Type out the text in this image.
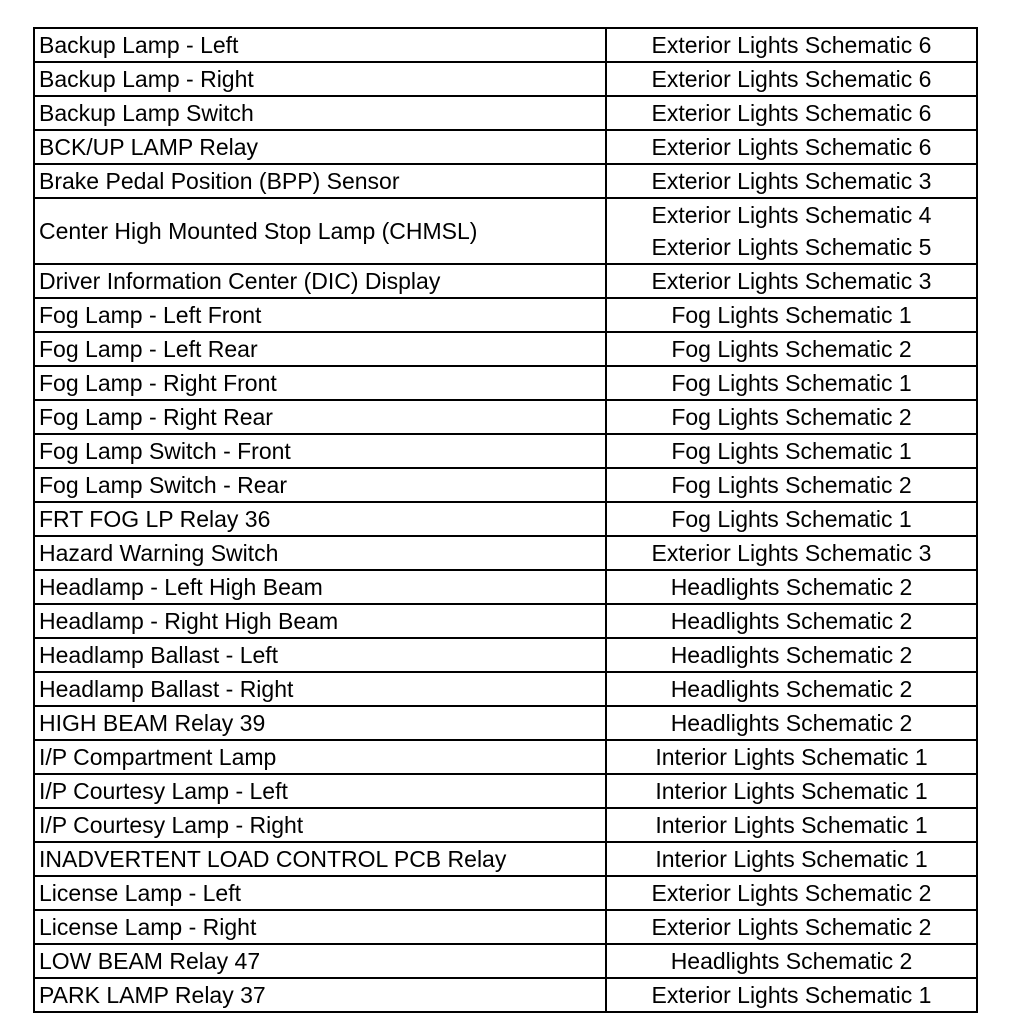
Backup Lamp - Left	Exterior Lights Schematic 6

Backup Lamp - Right	Exterior Lights Schematic 6

Backup Lamp Switch	Exterior Lights Schematic 6

BCK/UP LAMP Relay	Exterior Lights Schematic 6

Brake Pedal Position (BPP) Sensor	Exterior Lights Schematic 3

Center High Mounted Stop Lamp (CHMSL)	Exterior Lights Schematic 4
Exterior Lights Schematic 5

Driver Information Center (DIC) Display	Exterior Lights Schematic 3

Fog Lamp - Left Front	Fog Lights Schematic 1

Fog Lamp - Left Rear	Fog Lights Schematic 2

Fog Lamp - Right Front	Fog Lights Schematic 1

Fog Lamp - Right Rear	Fog Lights Schematic 2

Fog Lamp Switch - Front	Fog Lights Schematic 1

Fog Lamp Switch - Rear	Fog Lights Schematic 2

FRT FOG LP Relay 36	Fog Lights Schematic 1

Hazard Warning Switch	Exterior Lights Schematic 3

Headlamp - Left High Beam	Headlights Schematic 2

Headlamp - Right High Beam	Headlights Schematic 2

Headlamp Ballast - Left	Headlights Schematic 2

Headlamp Ballast - Right	Headlights Schematic 2

HIGH BEAM Relay 39	Headlights Schematic 2

I/P Compartment Lamp	Interior Lights Schematic 1

I/P Courtesy Lamp - Left	Interior Lights Schematic 1

I/P Courtesy Lamp - Right	Interior Lights Schematic 1

INADVERTENT LOAD CONTROL PCB Relay	Interior Lights Schematic 1

License Lamp - Left	Exterior Lights Schematic 2

License Lamp - Right	Exterior Lights Schematic 2

LOW BEAM Relay 47	Headlights Schematic 2

PARK LAMP Relay 37	Exterior Lights Schematic 1
